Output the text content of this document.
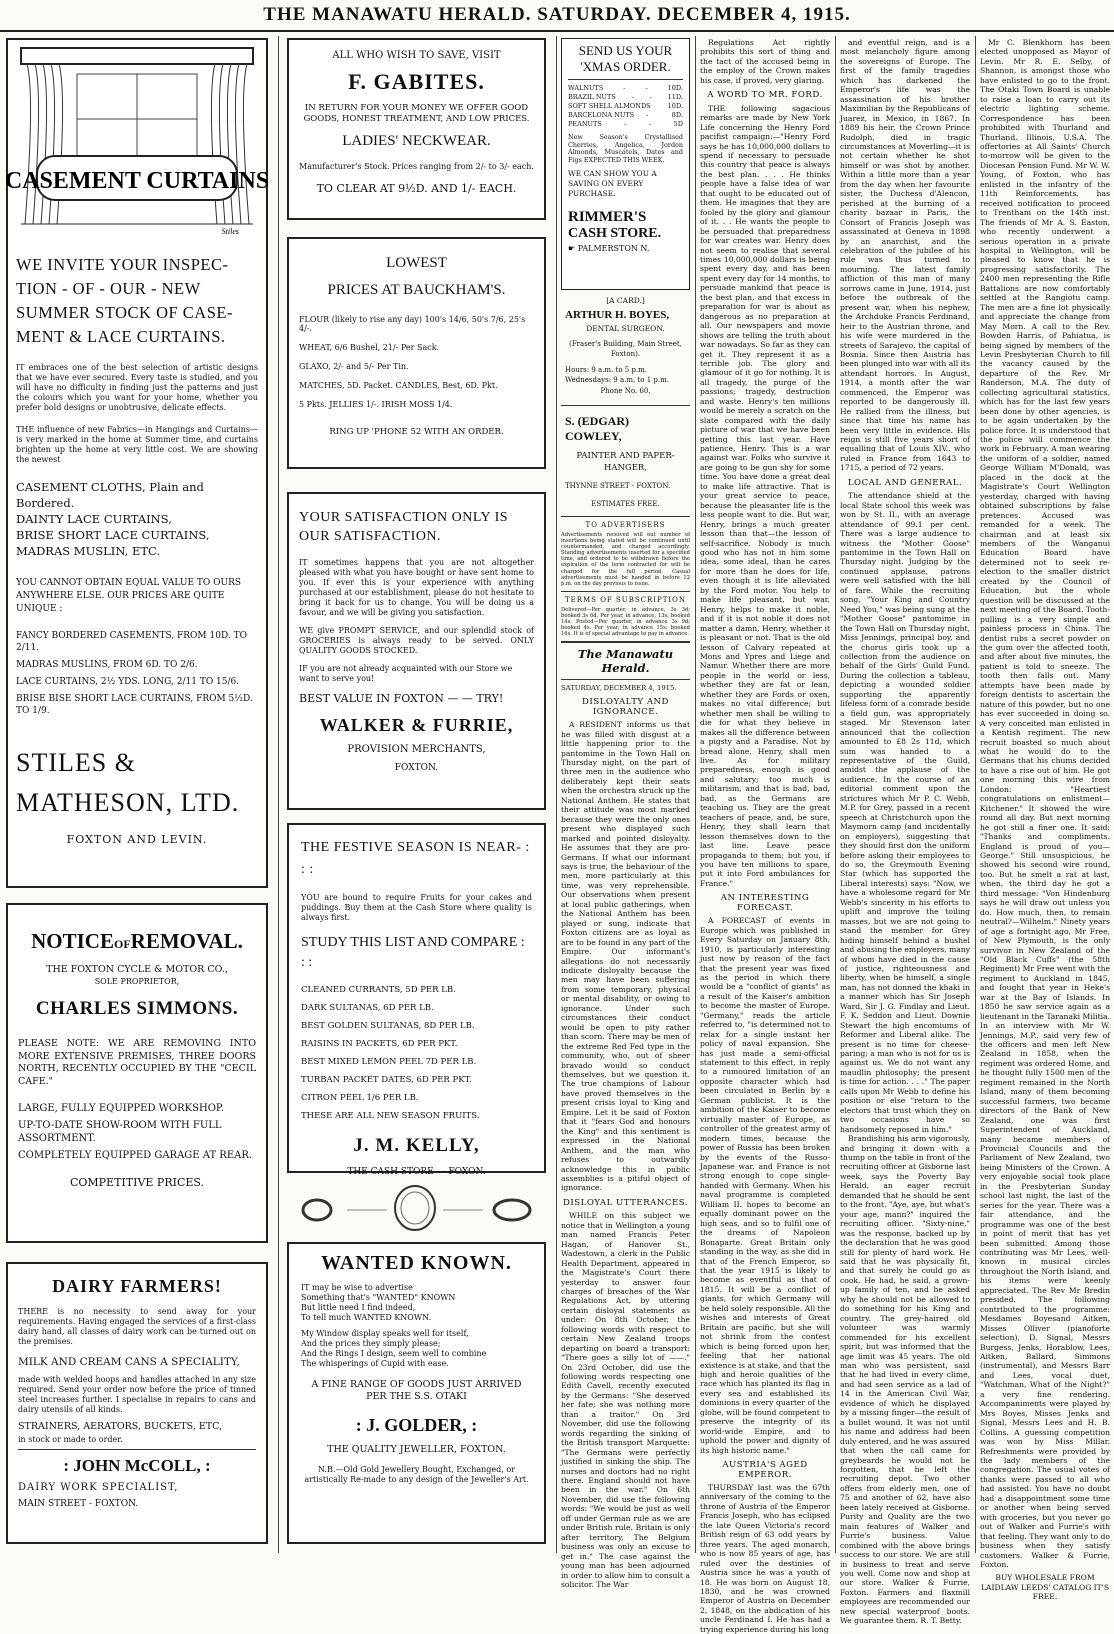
THE MANAWATU HERALD. SATURDAY. DECEMBER 4, 1915.
CASEMENT CURTAINS
Stiles

WE INVITE YOUR INSPEC-TION - OF - OUR - NEW SUMMER STOCK OF CASE-MENT & LACE CURTAINS.

IT embraces one of the best selection of artistic designs that we have ever secured. Every taste is studied, and you will have no difficulty in finding just the patterns and just the colours which you want for your home, whether you prefer bold designs or unobtrusive, delicate effects.

THE influence of new Fabrics—in Hangings and Curtains—is very marked in the home at Summer time, and curtains brighten up the home at very little cost. We are showing the newest

CASEMENT CLOTHS, Plain and Bordered.

DAINTY LACE CURTAINS,

BRISE SHORT LACE CURTAINS,

MADRAS MUSLIN, ETC.

YOU CANNOT OBTAIN EQUAL VALUE TO OURS ANYWHERE ELSE. OUR PRICES ARE QUITE UNIQUE :

FANCY BORDERED CASEMENTS, FROM 10D. TO 2/11.

MADRAS MUSLINS, FROM 6D. TO 2/6.

LACE CURTAINS, 2½ YDS. LONG, 2/11 TO 15/6.

BRISE BISE SHORT LACE CURTAINS, FROM 5½D. TO 1/9.

STILES & MATHESON, LTD.

FOXTON AND LEVIN.

NOTICEOFREMOVAL.

THE FOXTON CYCLE & MOTOR CO.,

SOLE PROPRIETOR,

CHARLES SIMMONS.

PLEASE NOTE: WE ARE REMOVING INTO MORE EXTENSIVE PREMISES, THREE DOORS NORTH, RECENTLY OCCUPIED BY THE "CECIL CAFE."

LARGE, FULLY EQUIPPED WORKSHOP.

UP-TO-DATE SHOW-ROOM WITH FULL ASSORTMENT.

COMPLETELY EQUIPPED GARAGE AT REAR.

COMPETITIVE PRICES.

DAIRY FARMERS!

THERE is no necessity to send away for your requirements. Having engaged the services of a first-class dairy hand, all classes of dairy work can be turned out on the premises.

MILK AND CREAM CANS A SPECIALITY,

made with welded hoops and handles attached in any size required. Send your order now before the price of tinned steel increases further. I specialise in repairs to cans and dairy utensils of all kinds.

STRAINERS, AERATORS, BUCKETS, ETC,

in stock or made to order.

: JOHN McCOLL, :

DAIRY WORK SPECIALIST,

MAIN STREET - FOXTON.

ALL WHO WISH TO SAVE, VISIT

F. GABITES.

IN RETURN FOR YOUR MONEY WE OFFER GOOD GOODS, HONEST TREATMENT, AND LOW PRICES.

LADIES' NECKWEAR.

Manufacturer's Stock. Prices ranging from 2/- to 3/- each.

TO CLEAR AT 9½D. AND 1/- EACH.

LOWEST

PRICES AT BAUCKHAM'S.

FLOUR (likely to rise any day) 100's 14/6, 50's 7/6, 25's 4/-.

WHEAT, 6/6 Bushel, 21/- Per Sack.

GLAXO, 2/- and 5/- Per Tin.

MATCHES, 5D. Packet. CANDLES, Best, 6D. Pkt.

5 Pkts. JELLIES 1/-. IRISH MOSS 1/4.

RING UP 'PHONE 52 WITH AN ORDER.

YOUR SATISFACTION ONLY IS OUR SATISFACTION.

IT sometimes happens that you are not altogether pleased with what you have bought or have sent home to you. If ever this is your experience with anything purchased at our establishment, please do not hesitate to bring it back for us to change. You will be doing us a favour, and we will be giving you satisfaction.

WE give PROMPT SERVICE, and our splendid stock of GROCERIES is always ready to be served. ONLY QUALITY GOODS STOCKED.

IF you are not already acquainted with our Store we want to serve you!

BEST VALUE IN FOXTON — — TRY!

WALKER & FURRIE,

PROVISION MERCHANTS,

FOXTON.

THE FESTIVE SEASON IS NEAR- : : :

YOU are bound to require Fruits for your cakes and puddings. Buy them at the Cash Store where quality is always first.

STUDY THIS LIST AND COMPARE : : :

CLEANED CURRANTS, 5D PER LB.

DARK SULTANAS, 6D PER LB.

BEST GOLDEN SULTANAS, 8D PER LB.

RAISINS IN PACKETS, 6D PER PKT.

BEST MIXED LEMON PEEL 7D PER LB.

TURBAN PACKET DATES, 6D PER PKT.

CITRON PEEL 1/6 PER LB.

THESE ARE ALL NEW SEASON FRUITS.

J. M. KELLY,

THE CASH STORE - - FOXON.

WANTED KNOWN.

IT may be wise to advertise

Something that's "WANTED" KNOWN

But little need I find indeed,

To tell much WANTED KNOWN.

My Window display speaks well for itself,

And the prices they simply please;

And the Rings I design, seem well to combine

The whisperings of Cupid with ease.

A FINE RANGE OF GOODS JUST ARRIVED PER THE S.S. OTAKI

: J. GOLDER, :

THE QUALITY JEWELLER, FOXTON.

N.B.—Old Gold Jewellery Bought, Exchanged, or artistically Re-made to any design of the Jeweller's Art.

SEND US YOUR 'XMAS ORDER.

WALNUTS	-	-	10D.
BRAZIL NUTS - - 11D.
SOFT SHELL ALMONDS	10D.
BARCELONA NUTS -	8D.
PEANUTS	-	-	5D

New Season's Crystallised Cherries, Angelica, Jordon Almonds, Muscatels, Dates and Figs EXPECTED THIS WEEK.

WE CAN SHOW YOU A SAVING ON EVERY PURCHASE.

RIMMER'S

CASH STORE.

☛ PALMERSTON N.

[A CARD.]

ARTHUR H. BOYES,

DENTAL SURGEON.

(Fraser's Building, Main Street, Foxton).

Hours: 9 a.m. to 5 p.m. Wednesdays: 9 a.m. to 1 p.m.

Phone No. 60.

S. (EDGAR) COWLEY,

PAINTER AND PAPER-HANGER,

THYNNE STREET - FOXTON.

ESTIMATES FREE.

TO ADVERTISERS

Advertisements received will out number of insertions being stated will be continued until countermanded, and charged accordingly. Standing advertisements inserted for a specified time, and ordered to be withdrawn before the expiration of the term contracted for will be charged for the full period. Casual advertisements must be handed in before 12 p.m. on the day previous to issue.

TERMS OF SUBSCRIPTION

Delivered—Per quarter, in advance, 3s 3d; booked 3s 6d. Per year, in advance, 13s; booked 14s. Posted—Per quarter, in advance 3s 9d; booked 4s. Per year, in advance 15s; booked 16s. It is of special advantage to pay in advance.

The Manawatu Herald.

SATURDAY, DECEMBER 4, 1915.

DISLOYALTY AND IGNORANCE.

A RESIDENT informs us that he was filled with disgust at a little happening prior to the pantomime in the Town Hall on Thursday night, on the part of three men in the audience who deliberately kept their seats when the orchestra struck up the National Anthem. He states that their attitude was most marked because they were the only ones present who displayed such marked and pointed disloyalty. He assumes that they are pro-Germans. If what our informant says is true, the behaviour of the men, more particularly at this time, was very reprehensible. Our observations when present at local public gatherings, when the National Anthem has been played or sung, indicate that Foxton citizens are as loyal as are to be found in any part of the Empire. Our informant's allegations do not necessarily indicate disloyalty because the men may have been suffering from some temporary, physical or mental disability, or owing to ignorance. Under such circumstances their conduct would be open to pity rather than scorn. There may be men of the extreme Red Fed type in the community, who, out of sheer bravado would so conduct themselves, but we question it. The true champions of Labour have proved themselves in the present crisis loyal to King and Empire. Let it be said of Foxton that it "fears God and honours the King" and this sentiment is expressed in the National Anthem, and the man who refuses to outwardly acknowledge this in public assemblies is a pitiful object of ignorance.

DISLOYAL UTTERANCES.

WHILE on this subject we notice that in Wellington a young man named Francis Peter Hagan, of Hanover St., Wadestown, a clerk in the Public Health Department, appeared in the Magistrate's Court there yesterday to answer four charges of breaches of the War Regulations Act, by uttering certain disloyal statements as under: On 8th October, the following words with respect to certain New Zealand troops departing on board a transport: "There goes a silly lot of ——." On 23rd October, did use the following words respecting one Edith Cavell, recently executed by the Germans: "She deserved her fate; she was nothing more than a traitor." On 3rd November, did use the following words regarding the sinking of the British transport Marquette: "The Germans were perfectly justified in sinking the ship. The nurses and doctors had no right there. England should not have been in the war." On 6th November, did use the following words: "We would be just as well off under German rule as we are under British rule. Britain is only after territory. The Belgium business was only an excuse to get in." The case against the young man has been adjourned in order to allow him to consult a solicitor. The War

Regulations Act rightly prohibits this sort of thing and the tact of the accused being in the employ of the Crown makes his case, if proved, very glaring.

A WORD TO MR. FORD.

THE following sagacious remarks are made by New York Life concerning the Henry Ford pacifist campaign:—"Henry Ford says he has 10,000,000 dollars to spend if necessary to persuade this country that peace is always the best plan. . . . He thinks people have a false idea of war that ought to be educated out of them. He imagines that they are fooled by the glory and glamour of it. . . He wants the people to be persuaded that preparedness for war creates war. Henry does not seem to realise that several times 10,000,000 dollars is being spent every day, and has been spent every day for 14 months, to persuade mankind that peace is the best plan, and that excess in preparation for war is about as dangerous as no preparation at all. Our newspapers and movie shows are telling the truth about war nowadays. So far as they can get it. They represent it as a terrible job. The glory and glamour of it go for nothing. It is all tragedy, the purge of the passions; tragedy, destruction and waste. Henry's ten millions would be merely a scratch on the slate compared with the daily picture of war that we have been getting this last year. Have patience, Henry. This is a war against war. Folks who survive it are going to be gun shy for some time. You have done a great deal to make life attractive. That is your great service to peace, because the pleasanter life is the less people want to die. But war, Henry, brings a much greater lesson than that—the lesson of self-sacrifice. Nobody is much good who has not in him some idea, some ideal, than he cares for more than he does for life, even though it is life alleviated by the Ford motor. You help to make life pleasant, but war, Henry, helps to make it noble, and if it is not noble it does not matter a damn, Henry, whether it is pleasant or not. That is the old lesson of Calvary repeated at Mons and Ypres and Liege and Namur. Whether there are more people in the world or less, whether they are fat or lean, whether they are Fords or oxen, makes no vital difference; but whether men shall be willing to die for what they believe in makes all the difference between a pigsty and a Paradise. Not by bread alone, Henry, shall men live. As for military preparedness, enough is good and salutary; too much is militarism, and that is bad, bad, bad, as the Germans are teaching us. They are the great teachers of peace, and, be sure, Henry, they shall learn that lesson themselves down to the last line. Leave peace propaganda to them; but you, if you have ten millions to spare, put it into Ford ambulances for France."

AN INTERESTING FORECAST.

A FORECAST of events in Europe which was published in Every Saturday on January 8th, 1910, is particularly interesting just now by reason of the fact that the present year was fixed as the period in which there would be a "conflict of giants" as a result of the Kaiser's ambition to become the master of Europe. "Germany," reads the article referred to, "is determined not to relax for a single instant her policy of naval expansion. She has just made a semi-official statement to this effect, in reply to a rumoured limitation of an opposite character which had been circulated in Berlin by a German publicist. It is the ambition of the Kaiser to become virtually master of Europe, as controller of the greatest army of modern times, because the power of Russia has been broken by the events of the Russo-Japanese war, and France is not strong enough to cope single-handed with Germany. When his naval programme is completed William II. hopes to become an equally dominant power on the high seas, and so to fulfil one of the dreams of Napoleon Bonaparte. Great Britain only standing in the way, as she did in that of the French Emperor, so that the year 1915 is likely to become as eventful as that of 1815. It will be a conflict of giants, for which Germany will be held solely responsible. All the wishes and interests of Great Britain are pacific, but she will not shrink from the contest which is being forced upon her, feeling that her national existence is at stake, and that the high and heroic qualities of the race which has planted its flag in every sea and established its dominions in every quarter of the globe, will be found competent to preserve the integrity of its world-wide Empire, and to uphold the power and dignity of its high historic name."

AUSTRIA'S AGED EMPEROR.

THURSDAY last was the 67th anniversary of the coming to the throne of Austria of the Emperor Francis Joseph, who has eclipsed the late Queen Victoria's record British reign of 63 odd years by three years. The aged monarch, who is now 85 years of age, has ruled over the destinies of Austria since he was a youth of 18. He was born on August 18, 1830, and he was crowned Emperor of Austria on December 2, 1848, on the abdication of his uncle Ferdinand I. He has had a trying experience during his long

and eventful reign, and is a most melancholy figure among the sovereigns of Europe. The first of the family tragedies which has darkened the Emperor's life was the assassination of his brother Maximilian by the Republicans of Juarez, in Mexico, in 1867. In 1889 his heir, the Crown Prince Rudolph, died in tragic circumstances at Moverling—it is not certain whether he shot himself or was shot by another. Within a little more than a year from the day when her favourite sister, the Duchess d'Alencon, perished at the burning of a charity bazaar in Paris, the Consort of Francis Joseph was assassinated at Geneva in 1898 by an anarchist, and the celebration of the jubilee of his rule was thus turned to mourning. The latest family affliction of this man of many sorrows came in June, 1914, just before the outbreak of the present war, when his nephew, the Archduke Francis Ferdinand, heir to the Austrian throne, and his wife were murdered in the streets of Sarajevo, the capital of Bosnia. Since then Austria has been plunged into war with all its attendant horrors. In August, 1914, a month after the war commenced, the Emperor was reported to be dangerously ill. He rallied from the illness, but since that time his name has been very little in evidence. His reign is still five years short of equalling that of Louis XIV., who ruled in France from 1643 to 1715, a period of 72 years.

LOCAL AND GENERAL.

The attendance shield at the local State school this week was won by St. II., with an average attendance of 99.1 per cent. There was a large audience to witness the "Mother Goose" pantomime in the Town Hall on Thursday night. Judging by the continued applause, patrons were well satisfied with the bill of fare. While the recruiting song, "Your King and Country Need You," was being sung at the "Mother Goose" pantomime in the Town Hall on Thursday night, Miss Jennings, principal boy, and the chorus girls took up a collection from the audience on behalf of the Girls' Guild Fund. During the collection a tableau, depicting a wounded soldier supporting the apparently lifeless form of a comrade beside a field gun, was appropriately staged. Mr Stevenson later announced that the collection amounted to £8 2s 11d, which sum was handed to a representative of the Guild, amidst the applause of the audience. In the course of an editorial comment upon the strictures which Mr P. C. Webb, M.P. for Grey, passed in a recent speech at Christchurch upon the Maymorn camp (and incidentally on employers), suggesting that they should first don the uniform before asking their employees to do so, the Greymouth Evening Star (which has supported the Liberal interests) says: "Now, we have a wholesome regard for Mr Webb's sincerity in his efforts to uplift and improve the toiling masses, but we are not going to stand the member for Grey hiding himself behind a bushel and abusing the employers, many of whom have died in the cause of justice, righteousness and liberty, when he himself, a single man, has not donned the khaki in a manner which has Sir Joseph Ward, Sir J. G. Findlay and Lieut. F. K. Seddon and Lieut. Downie Stewart the high encomiums of Reformer and Liberal alike. The present is no time for cheese-paring; a man who is not for us is against us. We do not want any maudlin philosophy; the present is time for action. . . ." The paper calls upon Mr Webb to define his position or else "return to the electors that trust which they on two occasions have so handsomely reposed in him."

Brandishing his arm vigorously, and bringing it down with a thump on the table in front of the recruiting officer at Gisborne last week, says the Poverty Bay Herald, an eager recruit demanded that he should be sent to the front. "Aye, aye, but what's your age, mann?" inquired the recruiting officer. "Sixty-nine," was the response, backed up by the declaration that he was good still for plenty of hard work. He said that he was physically fit, and that surely he could go as cook. He had, he said, a grown-up family of ten, and he asked why he should not be allowed to do something for his King and country. The grey-haired old volunteer was warmly commended for his excellent spirit, but was informed that the age limit was 45 years. The old man who was persistent, said that he had lived in every clime, and had seen service as a lad of 14 in the American Civil War, evidence of which he displayed by a missing finger—the result of a bullet wound. It was not until his name and address had been duly entered, and he was assured that when the call came for greybeards he would not be forgotten, that he left the recruiting depot. Two other offers from elderly men, one of 75 and another of 62, have also been lately received at Gisborne. Purity and Quality are the two main features of Walker and Furrie's business. Value combined with the above brings success to our store. We are still in business to treat and serve you well. Come now and shop at our store. Walker & Furrie, Foxton. Farmers and flaxmill employees are recommended our new special waterproof boots. We guarantee them. R. T. Betty.

Mr C. Blenkhorn has been elected unopposed as Mayor of Levin. Mr R. E. Selby, of Shannon, is amongst those who have enlisted to go to the front. The Otaki Town Board is unable to raise a loan to carry out its electric lighting scheme. Correspondence has been prohibited with Thurland and Thurland, Illinois, U.S.A. The offertories at All Saints' Church to-morrow will be given to the Diocesan Pension Fund. Mr W. W. Young, of Foxton, who has enlisted in the infantry of the 11th Reinforcements, has received notification to proceed to Trentham on the 14th inst. The friends of Mr A. S. Easton, who recently underwent a serious operation in a private hospital in Wellington, will be pleased to know that he is progressing satisfactorily. The 2400 men representing the Rifle Battalions are now comfortably settled at the Rangiotu camp. The men are a fine lot physically and appreciate the change from May Morn. A call to the Rev. Bowden Harris, of Pahiatua, is being signed by members of the Levin Presbyterian Church to fill the vacancy caused by the departure of the Rev. Mr Randerson, M.A. The duty of collecting agricultural statistics, which has for the last few years been done by other agencies, is to be again undertaken by the police force. It is understood that the police will commence the work in February. A man wearing the uniform of a soldier, named George William M'Donald, was placed in the dock at the Magistrate's Court Wellington yesterday, charged with having obtained subscriptions by false pretences. Accused was remanded for a week. The chairman and at least six members of the Wanganui Education Board have determined not to seek re-election to the smaller district created by the Council of Education, but the whole question will be discussed at the next meeting of the Board. Tooth-pulling is a very simple and painless process in China. The dentist rubs a secret powder on the gum over the affected tooth, and after about five minutes, the patient is told to sneeze. The tooth then falls out. Many attempts have been made by foreign dentists to ascertain the nature of this powder, but no one has ever succeeded in doing so. A very conceited man enlisted in a Kentish regiment. The new recruit boasted so much about what he would do to the Germans that his chums decided to have a rise out of him. He got one morning this wire from London: "Heartiest congratulations on enlistment—Kitchener." It showed the wire round all day. But next morning he got still a finer one. It said: "Thanks and compliments. England is proud of you—George." Still unsuspicious, he showed his second wire round, too. But he smelt a rat at last, when, the third day he got a third message: "Von Hindenburg says he will draw out unless you do. How much, then, to remain neutral?—Wilhelm." Ninety years of age a fortnight ago, Mr Free, of New Plymouth, is the only survivor in New Zealand of the "Old Black Cuffs" (the 58th Regiment) Mr Free went with the regiment to Auckland in 1845, and fought that year in Heke's war at the Bay of Islands. In 1850 he saw service again as a lieutenant in the Taranaki Militia. In an interview with Mr W. Jennings, M.P., said very few of the officers and men left New Zealand in 1858, when the regiment was ordered Home, and he thought fully 1500 men of the regiment remained in the North Island, many of them becoming successful farmers, two became directors of the Bank of New Zealand, one was first Superintendent of Auckland, many became members of Provincial Councils and the Parliament of New Zealand, two being Ministers of the Crown. A very enjoyable social took place in the Presbyterian Sunday school last night, the last of the series for the year. There was a fair attendance, and the programme was one of the best in point of merit that has yet been submitted. Among those contributing was Mr Lees, well-known in musical circles throughout the North Island, and his items were keenly appreciated. The Rev Mr Bredin presided. The following contributed to the programme: Mesdames Boyesand Aitken, Misses Olliver (pianoforte selection), D. Signal, Messrs Burgess, Jenks, Horablow, Lees, Aitken, Ballard, Simmons (instrumental), and Messrs Barr and Lees, vocal duet, "Watchman, What of the Night?" a very fine rendering. Accompaniments were played by Mrs Boyes, Misses Jenks and Signal, Messrs Lees and H. B. Collins. A guessing competition was won by Miss Millar. Refreshments were provided by the lady members of the congregation. The usual votes of thanks were passed to all who had assisted. You have no doubt had a disappointment some time or another when being served with groceries, but you never go out of Walker and Furrie's with that feeling. They want only to do business when they satisfy customers. Walker & Furrie, Foxton.

BUY WHOLESALE FROM LAIDLAW LEEDS' CATALOG IT'S FREE.
